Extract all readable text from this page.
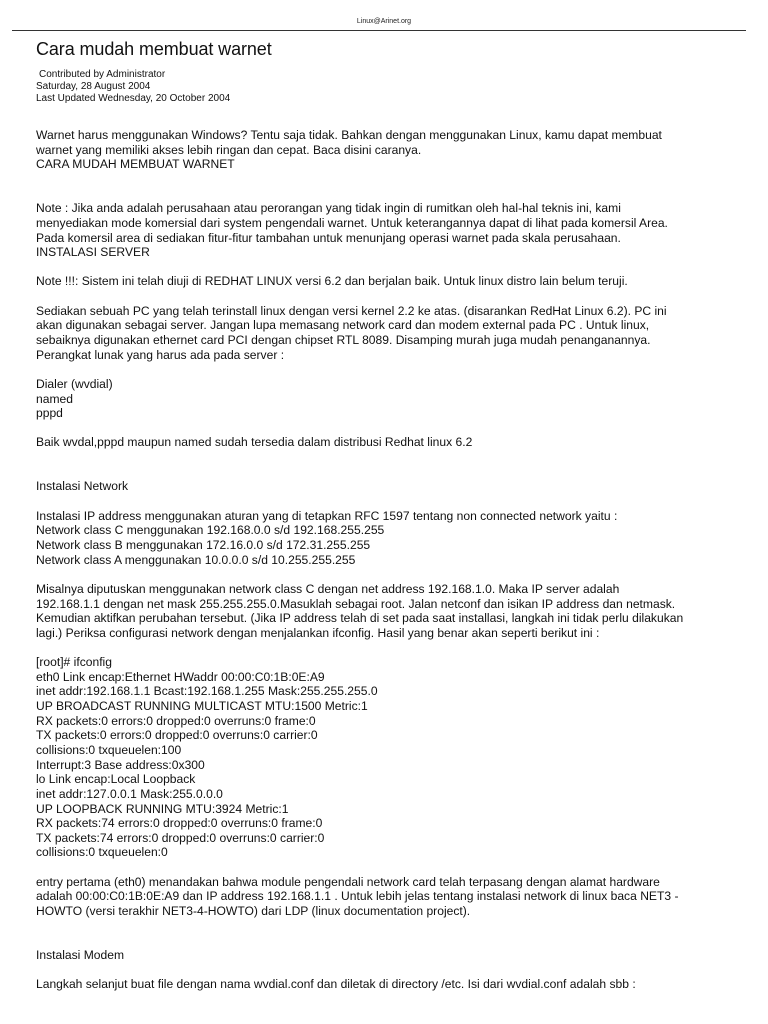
Linux@Arinet.org
Cara mudah membuat warnet
Contributed by Administrator
Saturday, 28 August 2004
Last Updated Wednesday, 20 October 2004
Warnet harus menggunakan Windows? Tentu saja tidak. Bahkan dengan menggunakan Linux, kamu dapat membuat
warnet yang memiliki akses lebih ringan dan cepat. Baca disini caranya.
CARA MUDAH MEMBUAT WARNET
Note : Jika anda adalah perusahaan atau perorangan yang tidak ingin di rumitkan oleh hal-hal teknis ini, kami
menyediakan mode komersial dari system pengendali warnet. Untuk keterangannya dapat di lihat pada komersil Area.
Pada komersil area di sediakan fitur-fitur tambahan untuk menunjang operasi warnet pada skala perusahaan.
INSTALASI SERVER
Note !!!: Sistem ini telah diuji di REDHAT LINUX versi 6.2 dan berjalan baik. Untuk linux distro lain belum teruji.
Sediakan sebuah PC yang telah terinstall linux dengan versi kernel 2.2 ke atas. (disarankan RedHat Linux 6.2). PC ini
akan digunakan sebagai server. Jangan lupa memasang network card dan modem external pada PC . Untuk linux,
sebaiknya digunakan ethernet card PCI dengan chipset RTL 8089. Disamping murah juga mudah penanganannya.
Perangkat lunak yang harus ada pada server :
Dialer (wvdial)
named
pppd
Baik wvdal,pppd maupun named sudah tersedia dalam distribusi Redhat linux 6.2
Instalasi Network
Instalasi IP address menggunakan aturan yang di tetapkan RFC 1597 tentang non connected network yaitu :
Network class C menggunakan 192.168.0.0 s/d 192.168.255.255
Network class B menggunakan 172.16.0.0 s/d 172.31.255.255
Network class A menggunakan 10.0.0.0 s/d 10.255.255.255
Misalnya diputuskan menggunakan network class C dengan net address 192.168.1.0. Maka IP server adalah
192.168.1.1 dengan net mask 255.255.255.0.Masuklah sebagai root. Jalan netconf dan isikan IP address dan netmask.
Kemudian aktifkan perubahan tersebut. (Jika IP address telah di set pada saat installasi, langkah ini tidak perlu dilakukan
lagi.) Periksa configurasi network dengan menjalankan ifconfig. Hasil yang benar akan seperti berikut ini :
[root]# ifconfig
eth0 Link encap:Ethernet HWaddr 00:00:C0:1B:0E:A9
inet addr:192.168.1.1 Bcast:192.168.1.255 Mask:255.255.255.0
UP BROADCAST RUNNING MULTICAST MTU:1500 Metric:1
RX packets:0 errors:0 dropped:0 overruns:0 frame:0
TX packets:0 errors:0 dropped:0 overruns:0 carrier:0
collisions:0 txqueuelen:100
Interrupt:3 Base address:0x300
lo Link encap:Local Loopback
inet addr:127.0.0.1 Mask:255.0.0.0
UP LOOPBACK RUNNING MTU:3924 Metric:1
RX packets:74 errors:0 dropped:0 overruns:0 frame:0
TX packets:74 errors:0 dropped:0 overruns:0 carrier:0
collisions:0 txqueuelen:0
entry pertama (eth0) menandakan bahwa module pengendali network card telah terpasang dengan alamat hardware
adalah 00:00:C0:1B:0E:A9 dan IP address 192.168.1.1 . Untuk lebih jelas tentang instalasi network di linux baca NET3 -
HOWTO (versi terakhir NET3-4-HOWTO) dari LDP (linux documentation project).
Instalasi Modem
Langkah selanjut buat file dengan nama wvdial.conf dan diletak di directory /etc. Isi dari wvdial.conf adalah sbb :
